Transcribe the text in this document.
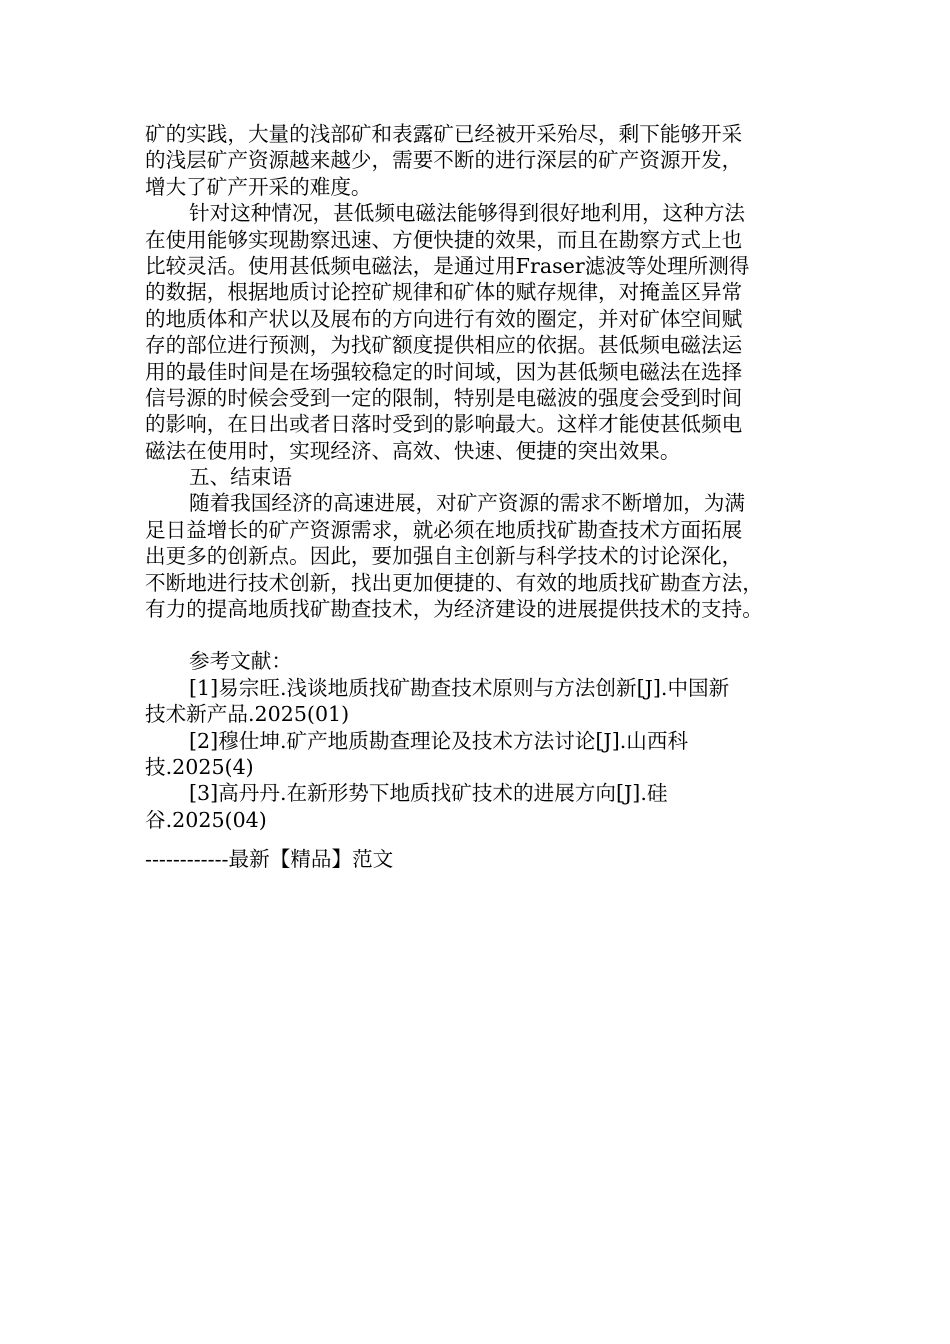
矿的实践，大量的浅部矿和表露矿已经被开采殆尽，剩下能够开采
的浅层矿产资源越来越少，需要不断的进行深层的矿产资源开发，
增大了矿产开采的难度。
针对这种情况，甚低频电磁法能够得到很好地利用，这种方法
在使用能够实现勘察迅速、方便快捷的效果，而且在勘察方式上也
比较灵活。使用甚低频电磁法，是通过用Fraser滤波等处理所测得
的数据，根据地质讨论控矿规律和矿体的赋存规律，对掩盖区异常
的地质体和产状以及展布的方向进行有效的圈定，并对矿体空间赋
存的部位进行预测，为找矿额度提供相应的依据。甚低频电磁法运
用的最佳时间是在场强较稳定的时间域，因为甚低频电磁法在选择
信号源的时候会受到一定的限制，特别是电磁波的强度会受到时间
的影响，在日出或者日落时受到的影响最大。这样才能使甚低频电
磁法在使用时，实现经济、高效、快速、便捷的突出效果。
五、结束语
随着我国经济的高速进展，对矿产资源的需求不断增加，为满
足日益增长的矿产资源需求，就必须在地质找矿勘查技术方面拓展
出更多的创新点。因此，要加强自主创新与科学技术的讨论深化，
不断地进行技术创新，找出更加便捷的、有效的地质找矿勘查方法，
有力的提高地质找矿勘查技术，为经济建设的进展提供技术的支持。
参考文献：
[1]易宗旺.浅谈地质找矿勘查技术原则与方法创新[J].中国新
技术新产品.2025(01)
[2]穆仕坤.矿产地质勘查理论及技术方法讨论[J].山西科
技.2025(4)
[3]高丹丹.在新形势下地质找矿技术的进展方向[J].硅
谷.2025(04)
------------最新【精品】范文
